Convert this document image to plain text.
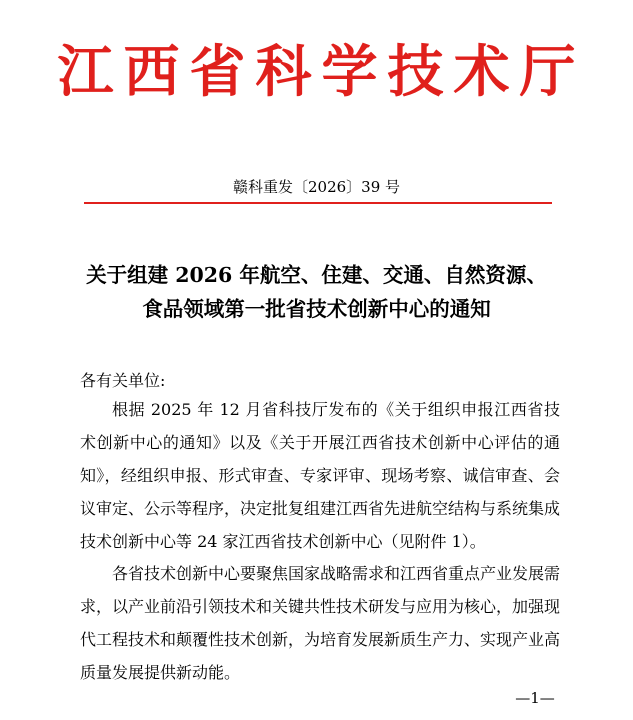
江西省科学技术厅
赣科重发〔2026〕39 号
关于组建 2026 年航空、住建、交通、自然资源、
食品领域第一批省技术创新中心的通知
各有关单位:

根据 2025 年 12 月省科技厅发布的《关于组织申报江西省技术创新中心的通知》以及《关于开展江西省技术创新中心评估的通知》，经组织申报、形式审查、专家评审、现场考察、诚信审查、会议审定、公示等程序，决定批复组建江西省先进航空结构与系统集成技术创新中心等 24 家江西省技术创新中心（见附件 1）。

各省技术创新中心要聚焦国家战略需求和江西省重点产业发展需求，以产业前沿引领技术和关键共性技术研发与应用为核心，加强现代工程技术和颠覆性技术创新，为培育发展新质生产力、实现产业高质量发展提供新动能。

—1—
